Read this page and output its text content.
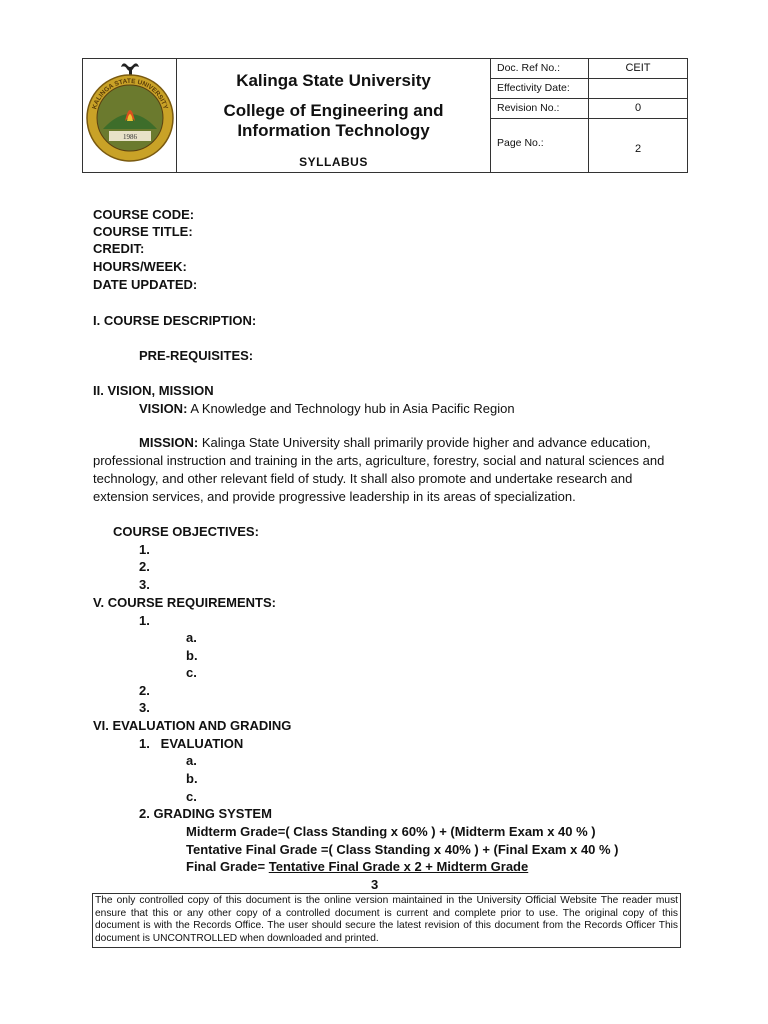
1986
KALINGA STATE UNIVERSITY
Kalinga State University
College of Engineering and Information Technology
SYLLABUS
Doc. Ref No.:	CEIT
Effectivity Date:
Revision No.:	0
Page No.:	2
COURSE CODE:
COURSE TITLE:
CREDIT:
HOURS/WEEK:
DATE UPDATED:
I. COURSE DESCRIPTION:
PRE-REQUISITES:
II. VISION, MISSION
VISION: A Knowledge and Technology hub in Asia Pacific Region
MISSION: Kalinga State University shall primarily provide higher and advance education, professional instruction and training in the arts, agriculture, forestry, social and natural sciences and technology, and other relevant field of study. It shall also promote and undertake research and extension services, and provide progressive leadership in its areas of specialization.
COURSE OBJECTIVES:
1.
2.
3.
V. COURSE REQUIREMENTS:
1.
a.
b.
c.
2.
3.
VI. EVALUATION AND GRADING
1.   EVALUATION
a.
b.
c.
2. GRADING SYSTEM
Midterm Grade=( Class Standing x 60% ) + (Midterm Exam x 40 % )
Tentative Final Grade =( Class Standing x 40% ) + (Final Exam x 40 % )
Final Grade= Tentative Final Grade x 2 + Midterm Grade
3
The only controlled copy of this document is the online version maintained in the University Official Website The reader must ensure that this or any other copy of a controlled document is current and complete prior to use. The original copy of this document is with the Records Office. The user should secure the latest revision of this document from the Records Officer This document is UNCONTROLLED when downloaded and printed.
